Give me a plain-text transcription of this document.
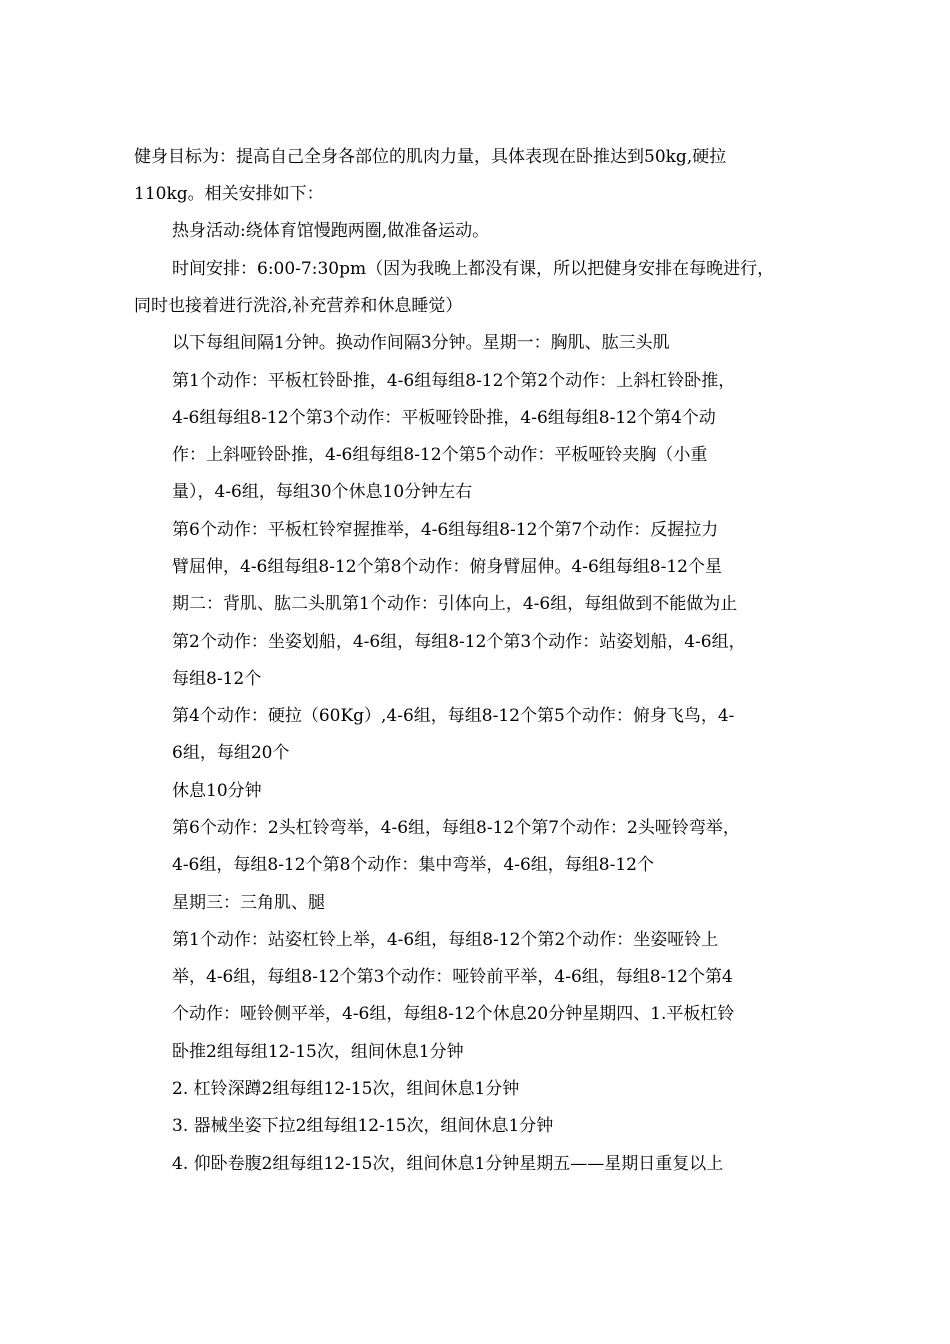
健身目标为：提高自己全身各部位的肌肉力量，具体表现在卧推达到50kg,硬拉
110kg。相关安排如下：
热身活动:绕体育馆慢跑两圈,做准备运动。
时间安排：6:00-7:30pm（因为我晚上都没有课，所以把健身安排在每晚进行，
同时也接着进行洗浴,补充营养和休息睡觉）
以下每组间隔1分钟。换动作间隔3分钟。星期一：胸肌、肱三头肌
第1个动作：平板杠铃卧推，4-6组每组8-12个第2个动作：上斜杠铃卧推，
4-6组每组8-12个第3个动作：平板哑铃卧推，4-6组每组8-12个第4个动
作：上斜哑铃卧推，4-6组每组8-12个第5个动作：平板哑铃夹胸（小重
量），4-6组，每组30个休息10分钟左右
第6个动作：平板杠铃窄握推举，4-6组每组8-12个第7个动作：反握拉力
臂屈伸，4-6组每组8-12个第8个动作：俯身臂屈伸。4-6组每组8-12个星
期二：背肌、肱二头肌第1个动作：引体向上，4-6组，每组做到不能做为止
第2个动作：坐姿划船，4-6组，每组8-12个第3个动作：站姿划船，4-6组，
每组8-12个
第4个动作：硬拉（60Kg）,4-6组，每组8-12个第5个动作：俯身飞鸟，4-
6组，每组20个
休息10分钟
第6个动作：2头杠铃弯举，4-6组，每组8-12个第7个动作：2头哑铃弯举，
4-6组，每组8-12个第8个动作：集中弯举，4-6组，每组8-12个
星期三：三角肌、腿
第1个动作：站姿杠铃上举，4-6组，每组8-12个第2个动作：坐姿哑铃上
举，4-6组，每组8-12个第3个动作：哑铃前平举，4-6组，每组8-12个第4
个动作：哑铃侧平举，4-6组，每组8-12个休息20分钟星期四、1.平板杠铃
卧推2组每组12-15次，组间休息1分钟
2. 杠铃深蹲2组每组12-15次，组间休息1分钟
3. 器械坐姿下拉2组每组12-15次，组间休息1分钟
4. 仰卧卷腹2组每组12-15次，组间休息1分钟星期五——星期日重复以上
